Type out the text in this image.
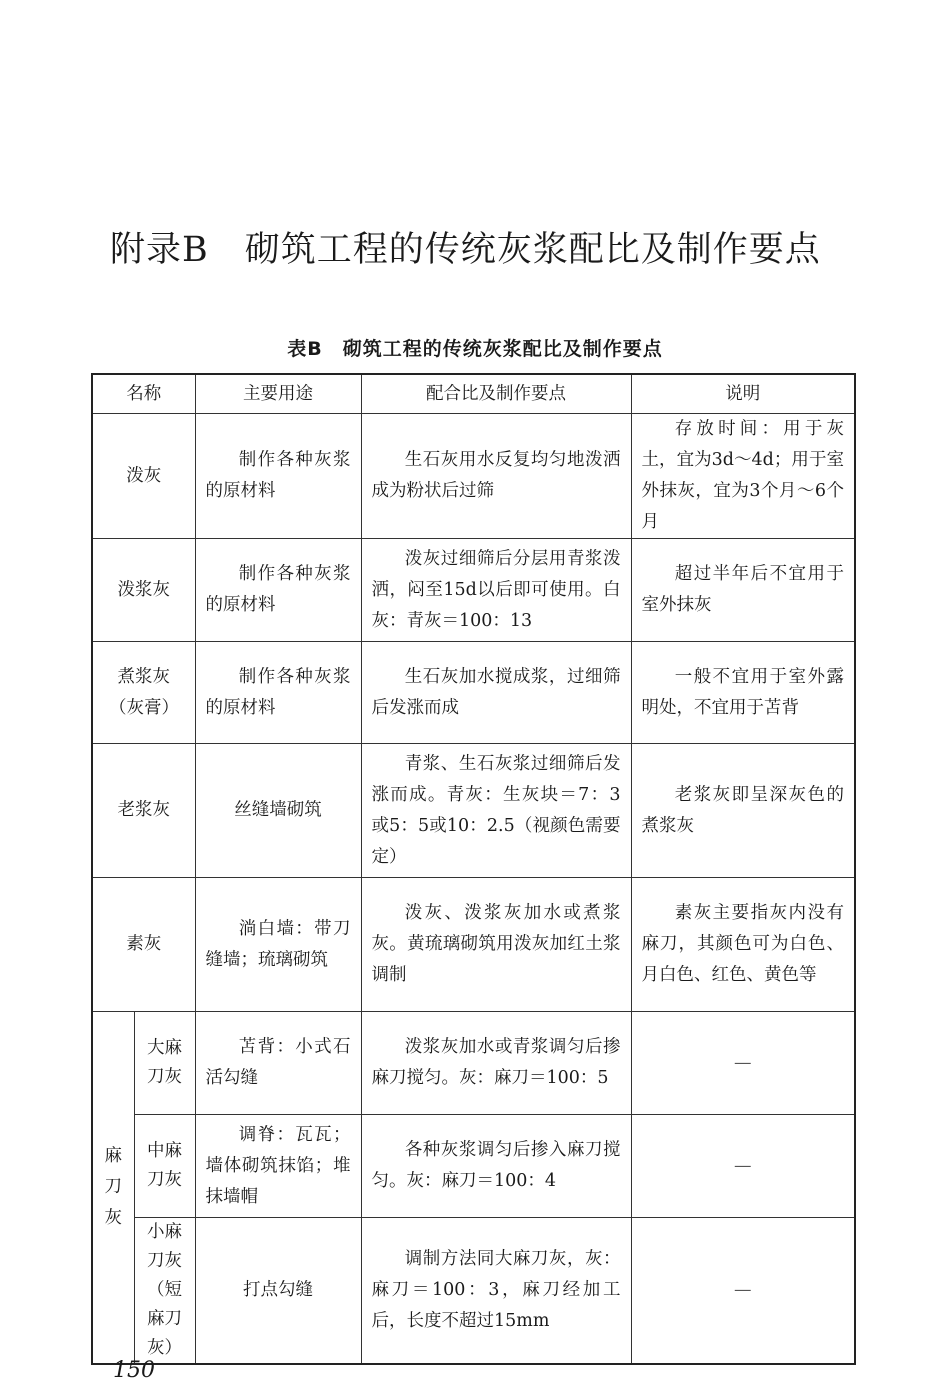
附录B　砌筑工程的传统灰浆配比及制作要点
表B　砌筑工程的传统灰浆配比及制作要点
名称		主要用途	配合比及制作要点	说明
泼灰		制作各种灰浆的原材料	生石灰用水反复均匀地泼洒成为粉状后过筛	存放时间：用于灰土，宜为3d～4d；用于室外抹灰，宜为3个月～6个月
泼浆灰		制作各种灰浆的原材料	泼灰过细筛后分层用青浆泼洒，闷至15d以后即可使用。白灰：青灰＝100：13	超过半年后不宜用于室外抹灰
煮浆灰（灰膏）		制作各种灰浆的原材料	生石灰加水搅成浆，过细筛后发涨而成	一般不宜用于室外露明处，不宜用于苫背
老浆灰		丝缝墙砌筑	青浆、生石灰浆过细筛后发涨而成。青灰：生灰块＝7：3或5：5或10：2.5（视颜色需要定）	老浆灰即呈深灰色的煮浆灰
素灰		淌白墙：带刀缝墙；琉璃砌筑	泼灰、泼浆灰加水或煮浆灰。黄琉璃砌筑用泼灰加红土浆调制	素灰主要指灰内没有麻刀，其颜色可为白色、月白色、红色、黄色等

麻刀灰	大麻刀灰	苫背：小式石活勾缝	泼浆灰加水或青浆调匀后掺麻刀搅匀。灰：麻刀＝100：5	—
	中麻刀灰	调脊：瓦瓦；墙体砌筑抹馅；堆抹墙帽	各种灰浆调匀后掺入麻刀搅匀。灰：麻刀＝100：4	—
	小麻刀灰（短麻刀灰）	打点勾缝	调制方法同大麻刀灰，灰：麻刀＝100：3，麻刀经加工后，长度不超过15mm	—
150
